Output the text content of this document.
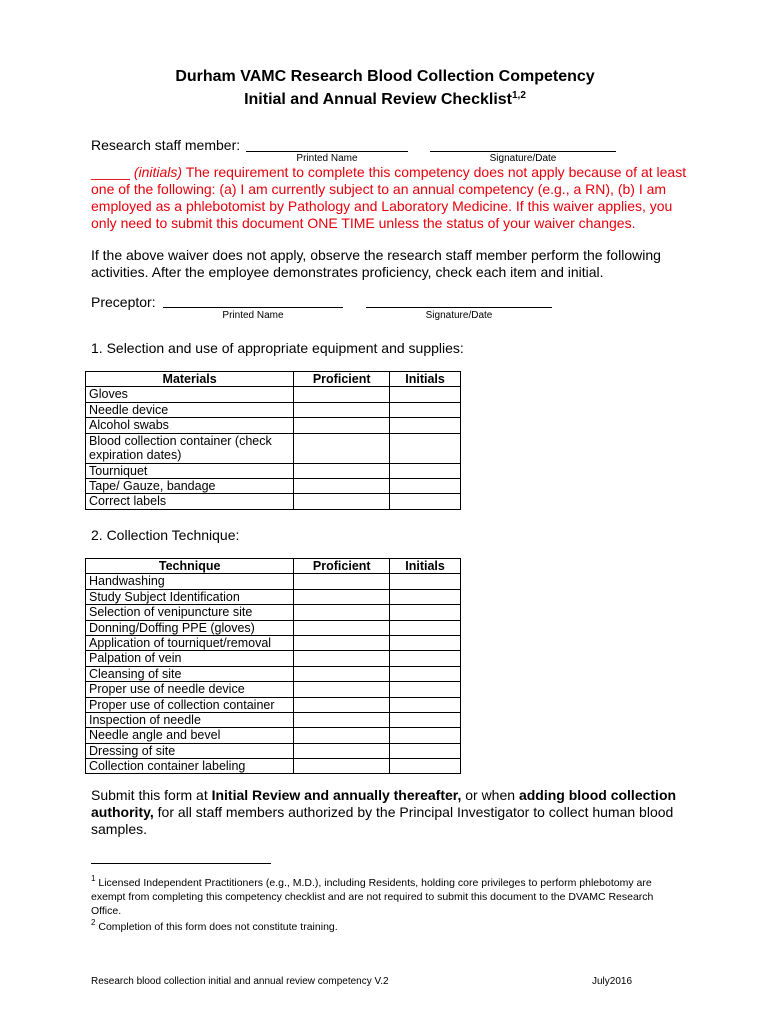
Durham VAMC Research Blood Collection Competency
Initial and Annual Review Checklist$^{1,2}$
Research staff member:
Printed Name	Signature/Date
_____ (initials) The requirement to complete this competency does not apply because of at least one of the following: (a) I am currently subject to an annual competency (e.g., a RN), (b) I am employed as a phlebotomist by Pathology and Laboratory Medicine. If this waiver applies, you only need to submit this document ONE TIME unless the status of your waiver changes.
If the above waiver does not apply, observe the research staff member perform the following activities. After the employee demonstrates proficiency, check each item and initial.
Preceptor:
Printed Name	Signature/Date
1. Selection and use of appropriate equipment and supplies:
Materials	Proficient	Initials
Gloves		
Needle device		
Alcohol swabs		
Blood collection container (check expiration dates)		
Tourniquet		
Tape/ Gauze, bandage		
Correct labels		
2. Collection Technique:
Technique	Proficient	Initials
Handwashing		
Study Subject Identification		
Selection of venipuncture site		
Donning/Doffing PPE (gloves)		
Application of tourniquet/removal		
Palpation of vein		
Cleansing of site		
Proper use of needle device		
Proper use of collection container		
Inspection of needle		
Needle angle and bevel		
Dressing of site		
Collection container labeling		
Submit this form at Initial Review and annually thereafter, or when adding blood collection authority, for all staff members authorized by the Principal Investigator to collect human blood samples.
$^1$ Licensed Independent Practitioners (e.g., M.D.), including Residents, holding core privileges to perform phlebotomy are exempt from completing this competency checklist and are not required to submit this document to the DVAMC Research Office.
$^2$ Completion of this form does not constitute training.
Research blood collection initial and annual review competency V.2	July2016
